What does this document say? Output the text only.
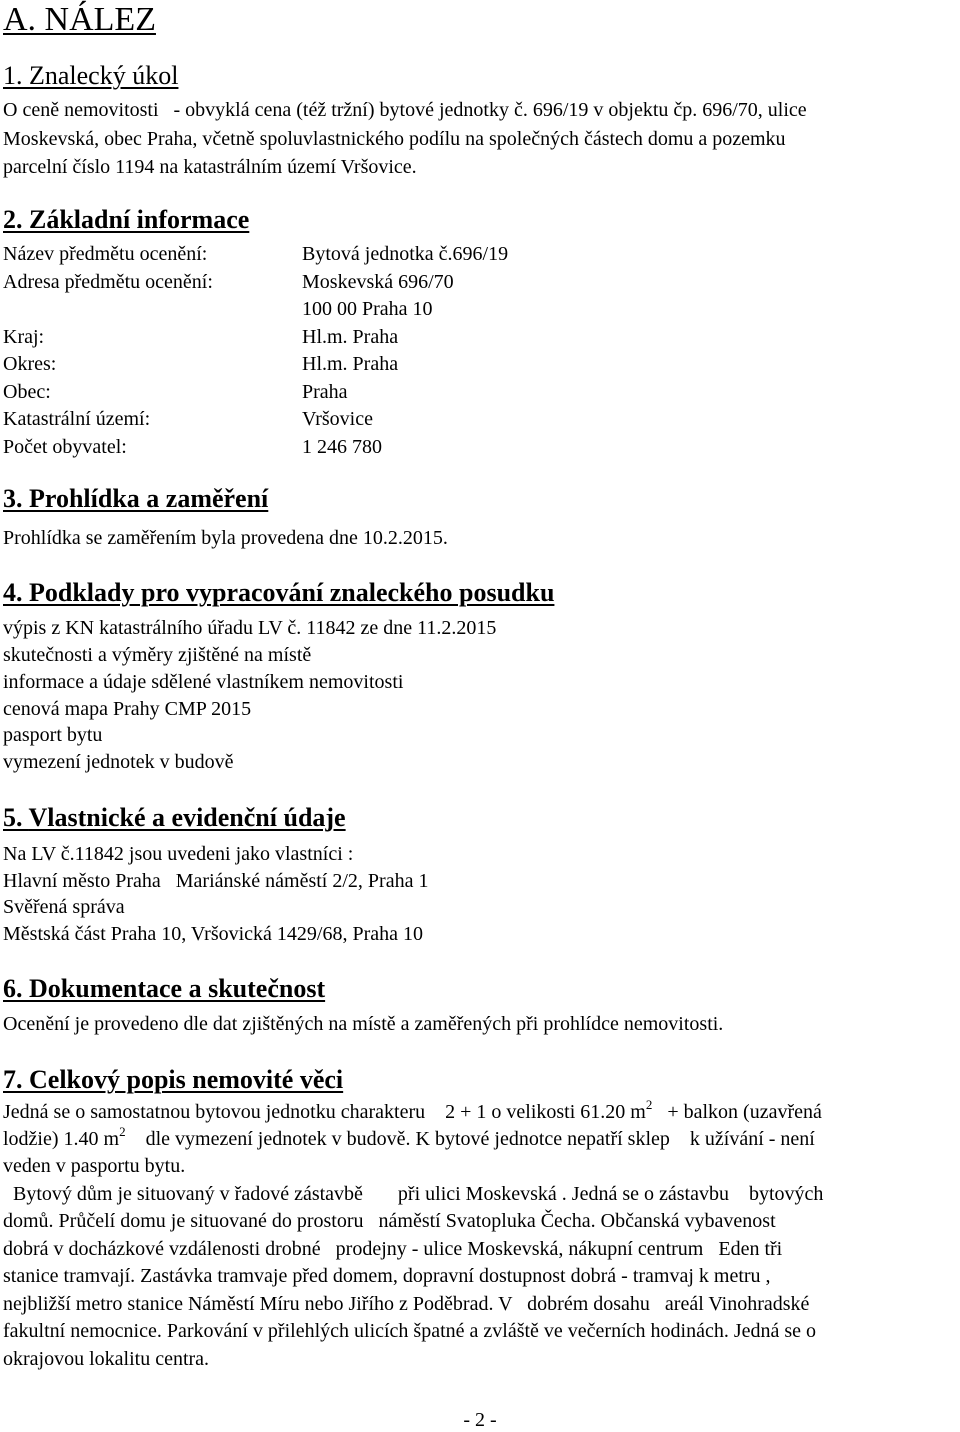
A. NÁLEZ
1. Znalecký úkol
O ceně nemovitosti   - obvyklá cena (též tržní) bytové jednotky č. 696/19 v objektu čp. 696/70, ulice
Moskevská, obec Praha, včetně spoluvlastnického podílu na společných částech domu a pozemku
parcelní číslo 1194 na katastrálním území Vršovice.
2. Základní informace
Název předmětu ocenění:	Bytová jednotka č.696/19
Adresa předmětu ocenění:	Moskevská 696/70
100 00 Praha 10
Kraj:	Hl.m. Praha
Okres:	Hl.m. Praha
Obec:	Praha
Katastrální území:	Vršovice
Počet obyvatel:	1 246 780
3. Prohlídka a zaměření
Prohlídka se zaměřením byla provedena dne 10.2.2015.
4. Podklady pro vypracování znaleckého posudku
výpis z KN katastrálního úřadu LV č. 11842 ze dne 11.2.2015
skutečnosti a výměry zjištěné na místě
informace a údaje sdělené vlastníkem nemovitosti
cenová mapa Prahy CMP 2015
pasport bytu
vymezení jednotek v budově
5. Vlastnické a evidenční údaje
Na LV č.11842 jsou uvedeni jako vlastníci :
Hlavní město Praha   Mariánské náměstí 2/2, Praha 1
Svěřená správa
Městská část Praha 10, Vršovická 1429/68, Praha 10
6. Dokumentace a skutečnost
Ocenění je provedeno dle dat zjištěných na místě a zaměřených při prohlídce nemovitosti.
7. Celkový popis nemovité věci
Jedná se o samostatnou bytovou jednotku charakteru    2 + 1 o velikosti 61.20 $m^2$   + balkon (uzavřená
lodžie) 1.40 $m^2$    dle vymezení jednotek v budově. K bytové jednotce nepatří sklep    k užívání - není
veden v pasportu bytu.
Bytový dům je situovaný v řadové zástavbě       při ulici Moskevská . Jedná se o zástavbu    bytových
domů. Průčelí domu je situované do prostoru   náměstí Svatopluka Čecha. Občanská vybavenost
dobrá v docházkové vzdálenosti drobné   prodejny - ulice Moskevská, nákupní centrum   Eden tři
stanice tramvají. Zastávka tramvaje před domem, dopravní dostupnost dobrá - tramvaj k metru ,
nejbližší metro stanice Náměstí Míru nebo Jiřího z Poděbrad. V   dobrém dosahu   areál Vinohradské
fakultní nemocnice. Parkování v přilehlých ulicích špatné a zvláště ve večerních hodinách. Jedná se o
okrajovou lokalitu centra.
- 2 -
